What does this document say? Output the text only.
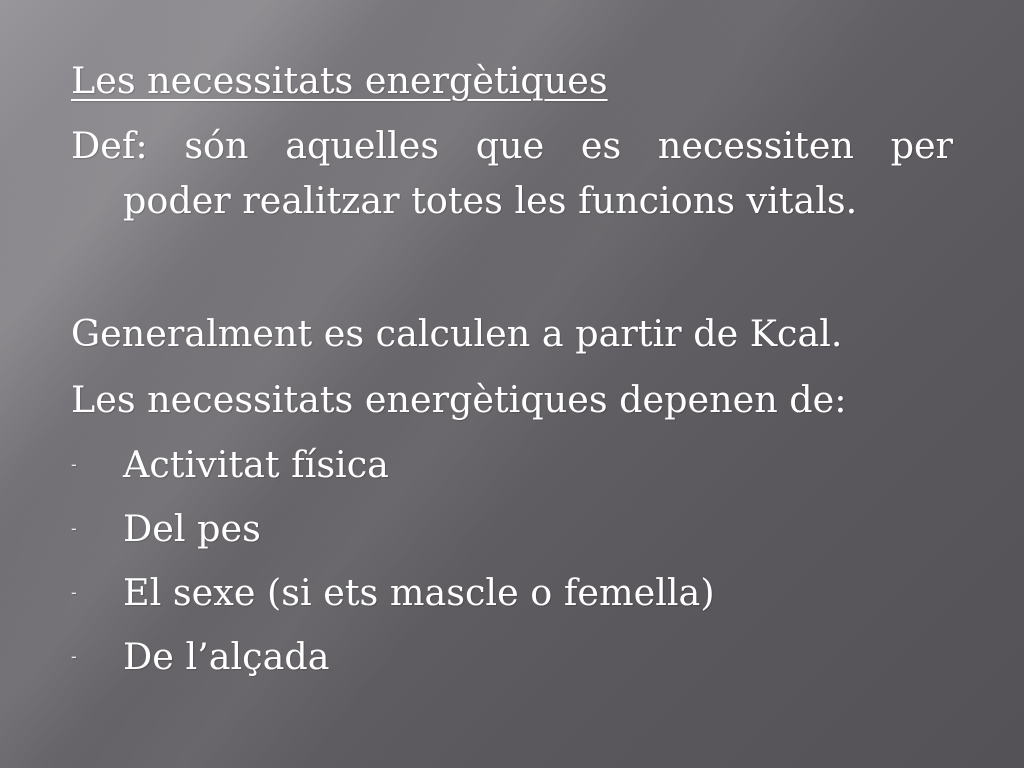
Les necessitats energètiques
Def: són aquelles que es necessiten per
poder realitzar totes les funcions vitals.
Generalment es calculen a partir de Kcal.
Les necessitats energètiques depenen de:
- Activitat física
- Del pes
- El sexe (si ets mascle o femella)
- De l’alçada
